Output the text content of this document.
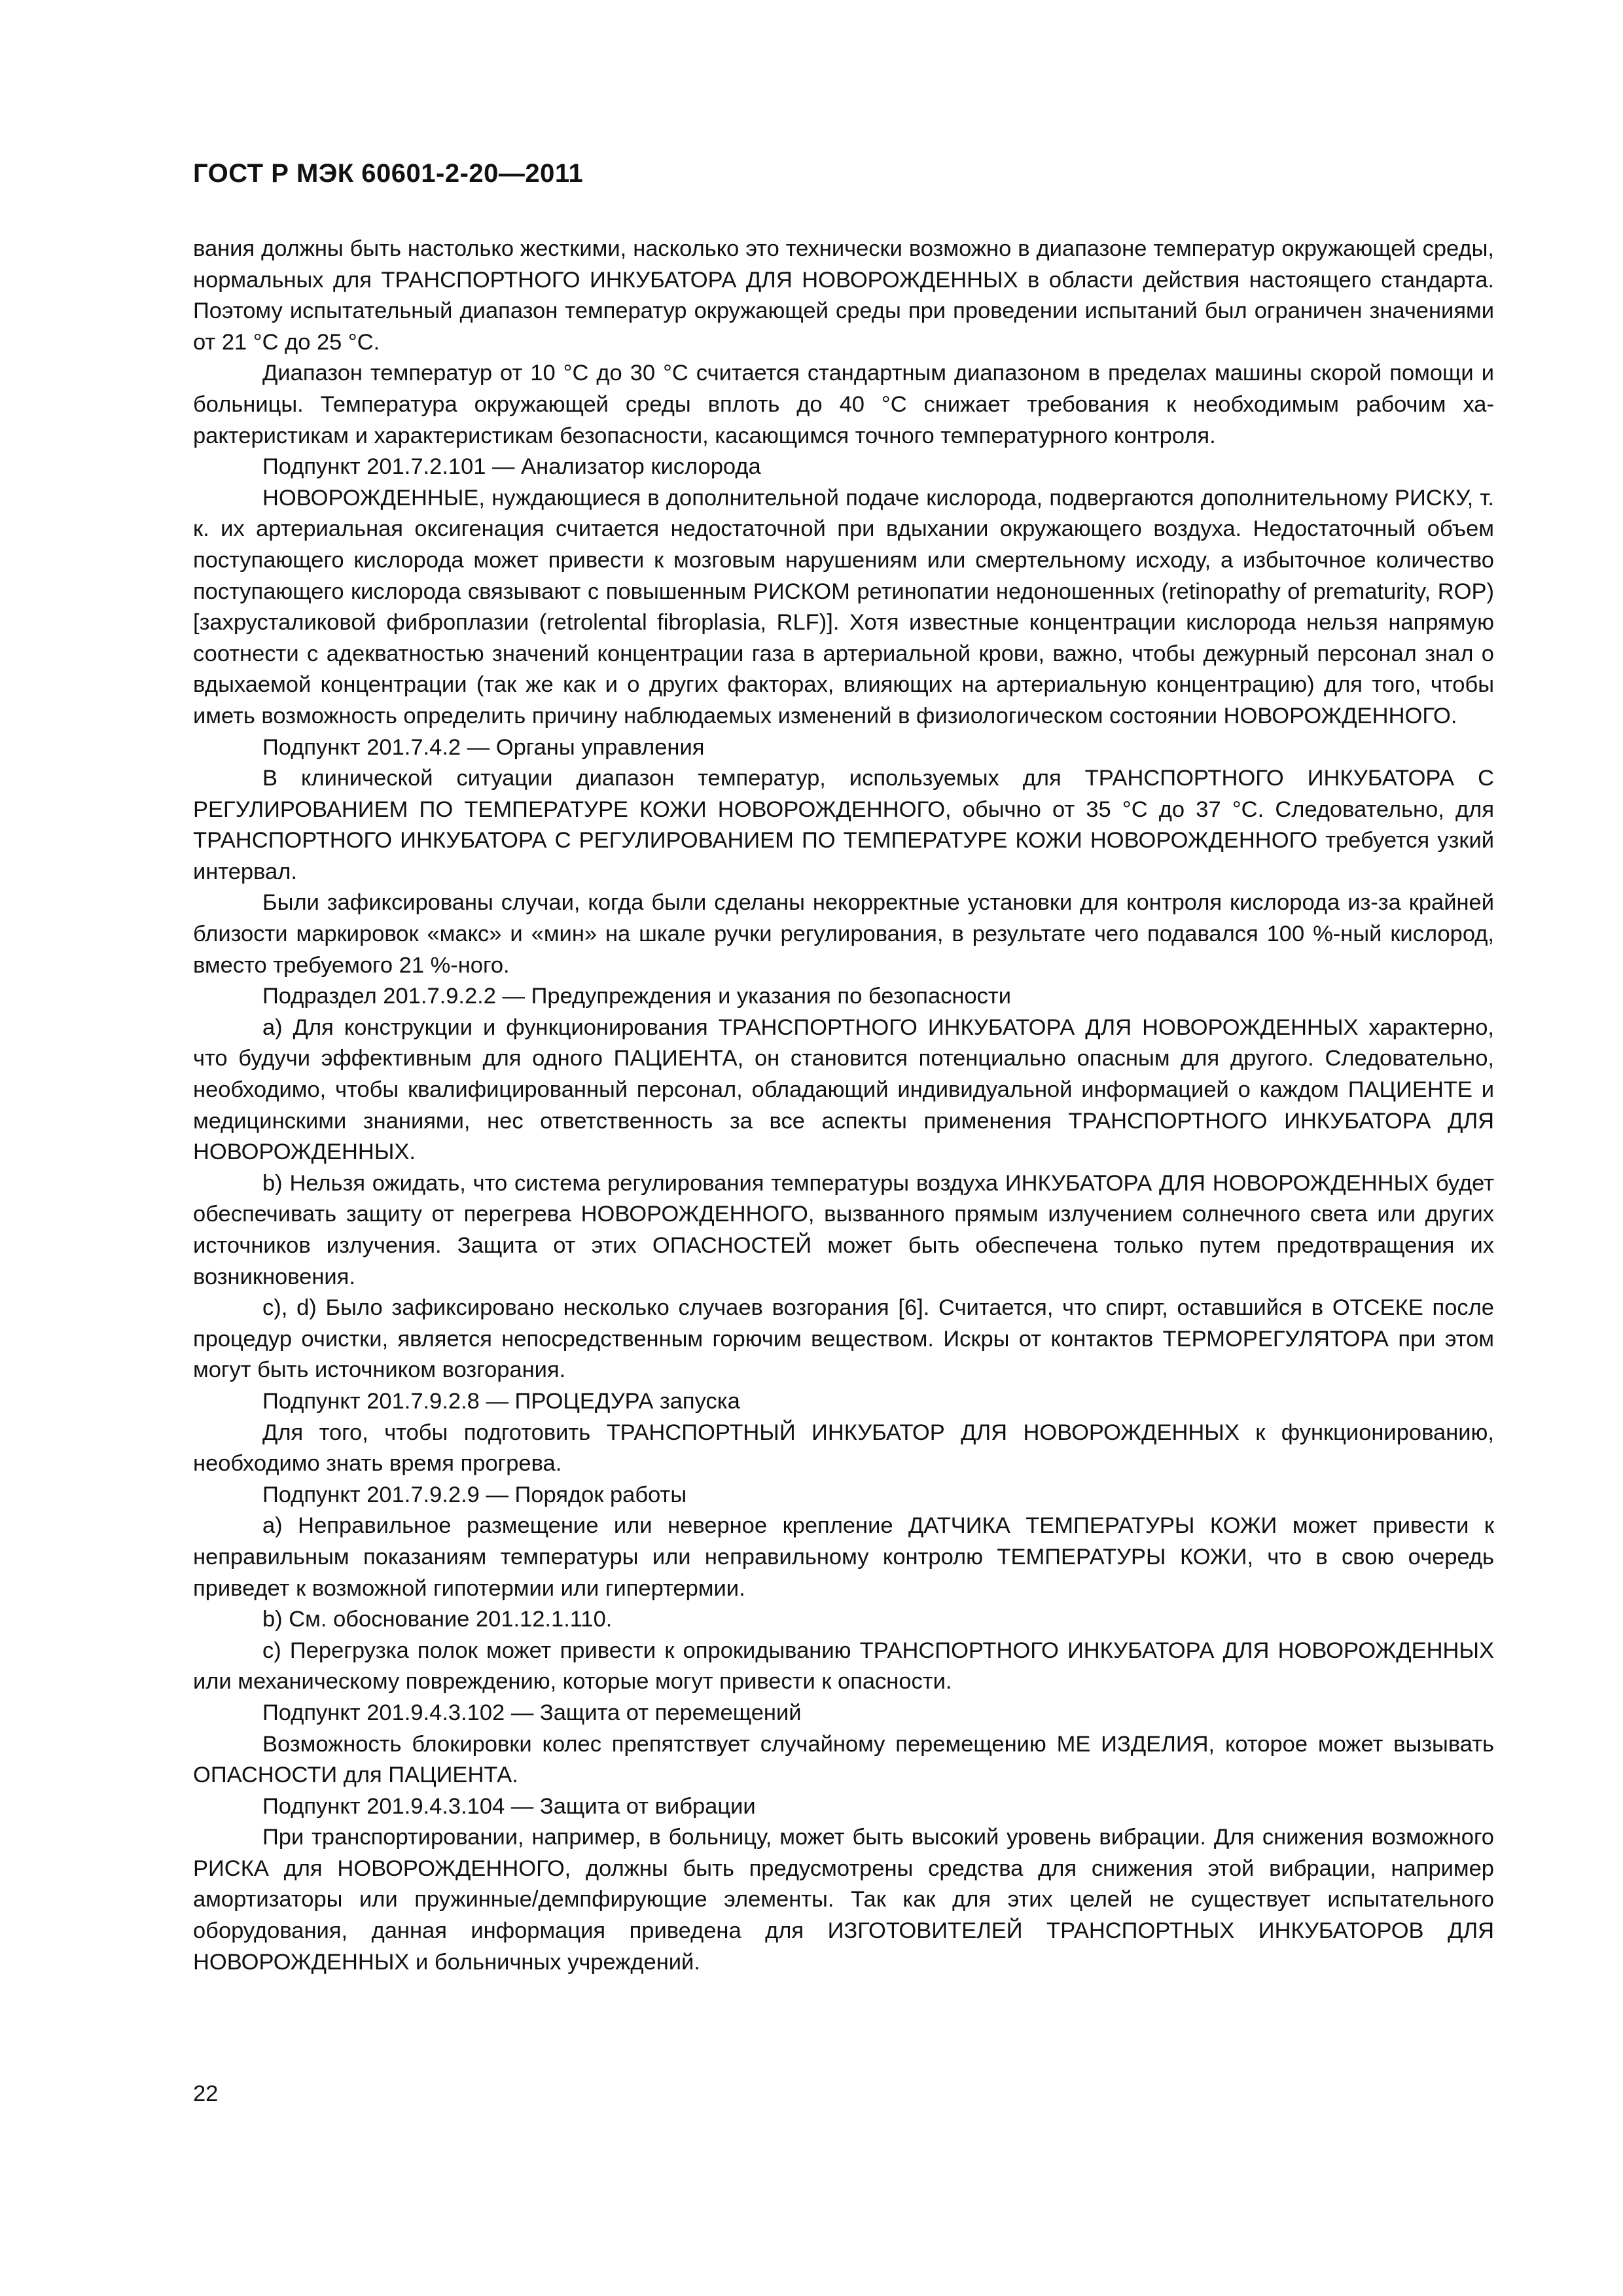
ГОСТ Р МЭК 60601-2-20—2011

вания должны быть настолько жесткими, насколько это технически возможно в диапазоне температур окружающей среды, нормальных для ТРАНСПОРТНОГО ИНКУБАТОРА ДЛЯ НОВОРОЖДЕННЫХ в области действия настоящего стандарта. Поэтому испытательный диапазон температур окружающей среды при проведении испытаний был ограничен значениями от 21 °С до 25 °С.

Диапазон температур от 10 °С до 30 °С считается стандартным диапазоном в пределах машины скорой помощи и больницы. Температура окружающей среды вплоть до 40 °С снижает требования к необходимым рабочим характеристикам и характеристикам безопасности, касающимся точного температурного контроля.

Подпункт 201.7.2.101 — Анализатор кислорода

НОВОРОЖДЕННЫЕ, нуждающиеся в дополнительной подаче кислорода, подвергаются дополнительному РИСКУ, т. к. их артериальная оксигенация считается недостаточной при вдыхании окружающего воздуха. Недостаточный объем поступающего кислорода может привести к мозговым нарушениям или смертельному исходу, а избыточное количество поступающего кислорода связывают с повышенным РИСКОМ ретинопатии недоношенных (retinopathy of prematurity, ROP) [захрусталиковой фиброплазии (retrolental fibroplasia, RLF)]. Хотя известные концентрации кислорода нельзя напрямую соотнести с адекватностью значений концентрации газа в артериальной крови, важно, чтобы дежурный персонал знал о вдыхаемой концентрации (так же как и о других факторах, влияющих на артериальную концентрацию) для того, чтобы иметь возможность определить причину наблюдаемых изменений в физиологическом состоянии НОВОРОЖДЕННОГО.

Подпункт 201.7.4.2 — Органы управления

В клинической ситуации диапазон температур, используемых для ТРАНСПОРТНОГО ИНКУБАТОРА С РЕГУЛИРОВАНИЕМ ПО ТЕМПЕРАТУРЕ КОЖИ НОВОРОЖДЕННОГО, обычно от 35 °С до 37 °С. Следовательно, для ТРАНСПОРТНОГО ИНКУБАТОРА С РЕГУЛИРОВАНИЕМ ПО ТЕМПЕРАТУРЕ КОЖИ НОВОРОЖДЕННОГО требуется узкий интервал.

Были зафиксированы случаи, когда были сделаны некорректные установки для контроля кислорода из-за крайней близости маркировок «макс» и «мин» на шкале ручки регулирования, в результате чего подавался 100 %-ный кислород, вместо требуемого 21 %-ного.

Подраздел 201.7.9.2.2 — Предупреждения и указания по безопасности

а) Для конструкции и функционирования ТРАНСПОРТНОГО ИНКУБАТОРА ДЛЯ НОВОРОЖДЕННЫХ характерно, что будучи эффективным для одного ПАЦИЕНТА, он становится потенциально опасным для другого. Следовательно, необходимо, чтобы квалифицированный персонал, обладающий индивидуальной информацией о каждом ПАЦИЕНТЕ и медицинскими знаниями, нес ответственность за все аспекты применения ТРАНСПОРТНОГО ИНКУБАТОРА ДЛЯ НОВОРОЖДЕННЫХ.

b) Нельзя ожидать, что система регулирования температуры воздуха ИНКУБАТОРА ДЛЯ НОВОРОЖДЕННЫХ будет обеспечивать защиту от перегрева НОВОРОЖДЕННОГО, вызванного прямым излучением солнечного света или других источников излучения. Защита от этих ОПАСНОСТЕЙ может быть обеспечена только путем предотвращения их возникновения.

c), d) Было зафиксировано несколько случаев возгорания [6]. Считается, что спирт, оставшийся в ОТСЕКЕ после процедур очистки, является непосредственным горючим веществом. Искры от контактов ТЕРМОРЕГУЛЯТОРА при этом могут быть источником возгорания.

Подпункт 201.7.9.2.8 — ПРОЦЕДУРА запуска

Для того, чтобы подготовить ТРАНСПОРТНЫЙ ИНКУБАТОР ДЛЯ НОВОРОЖДЕННЫХ к функционированию, необходимо знать время прогрева.

Подпункт 201.7.9.2.9 — Порядок работы

а) Неправильное размещение или неверное крепление ДАТЧИКА ТЕМПЕРАТУРЫ КОЖИ может привести к неправильным показаниям температуры или неправильному контролю ТЕМПЕРАТУРЫ КОЖИ, что в свою очередь приведет к возможной гипотермии или гипертермии.

b) См. обоснование 201.12.1.110.

c) Перегрузка полок может привести к опрокидыванию ТРАНСПОРТНОГО ИНКУБАТОРА ДЛЯ НОВОРОЖДЕННЫХ или механическому повреждению, которые могут привести к опасности.

Подпункт 201.9.4.3.102 — Защита от перемещений

Возможность блокировки колес препятствует случайному перемещению МЕ ИЗДЕЛИЯ, которое может вызывать ОПАСНОСТИ для ПАЦИЕНТА.

Подпункт 201.9.4.3.104 — Защита от вибрации

При транспортировании, например, в больницу, может быть высокий уровень вибрации. Для снижения возможного РИСКА для НОВОРОЖДЕННОГО, должны быть предусмотрены средства для снижения этой вибрации, например амортизаторы или пружинные/демпфирующие элементы. Так как для этих целей не существует испытательного оборудования, данная информация приведена для ИЗГОТОВИТЕЛЕЙ ТРАНСПОРТНЫХ ИНКУБАТОРОВ ДЛЯ НОВОРОЖДЕННЫХ и больничных учреждений.

22
